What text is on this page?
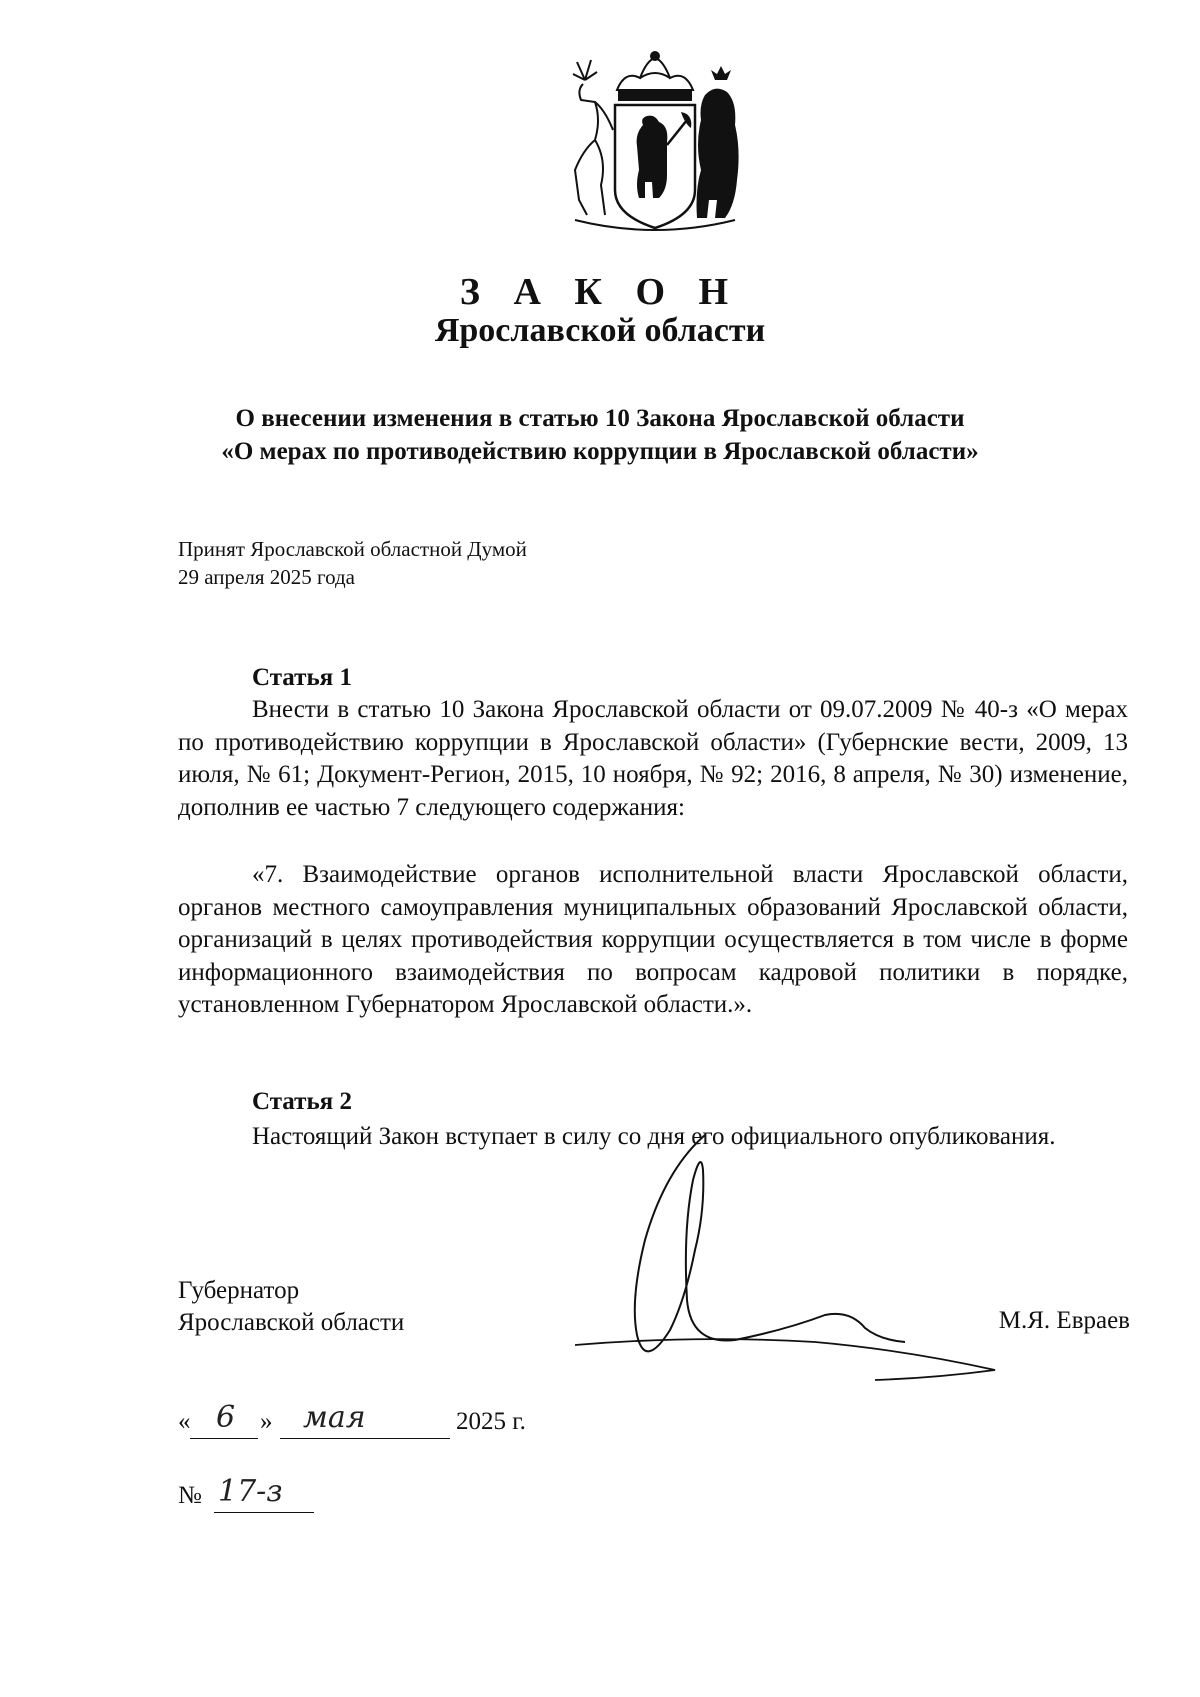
З А К О Н
Ярославской области
О внесении изменения в статью 10 Закона Ярославской области
«О мерах по противодействию коррупции в Ярославской области»
Принят Ярославской областной Думой
29 апреля 2025 года
Статья 1

Внести в статью 10 Закона Ярославской области от 09.07.2009 № 40-з «О мерах по противодействию коррупции в Ярославской области» (Губернские вести, 2009, 13 июля, № 61; Документ-Регион, 2015, 10 ноября, № 92; 2016, 8 апреля, № 30) изменение, дополнив ее частью 7 следующего содержания:

«7. Взаимодействие органов исполнительной власти Ярославской области, органов местного самоуправления муниципальных образований Ярославской области, организаций в целях противодействия коррупции осуществляется в том числе в форме информационного взаимодействия по вопросам кадровой политики в порядке, установленном Губернатором Ярославской области.».

Статья 2

Настоящий Закон вступает в силу со дня его официального опубликования.

Губернатор
Ярославской области	М.Я. Евраев
« 6 » мая	2025 г.
№ 17-з
